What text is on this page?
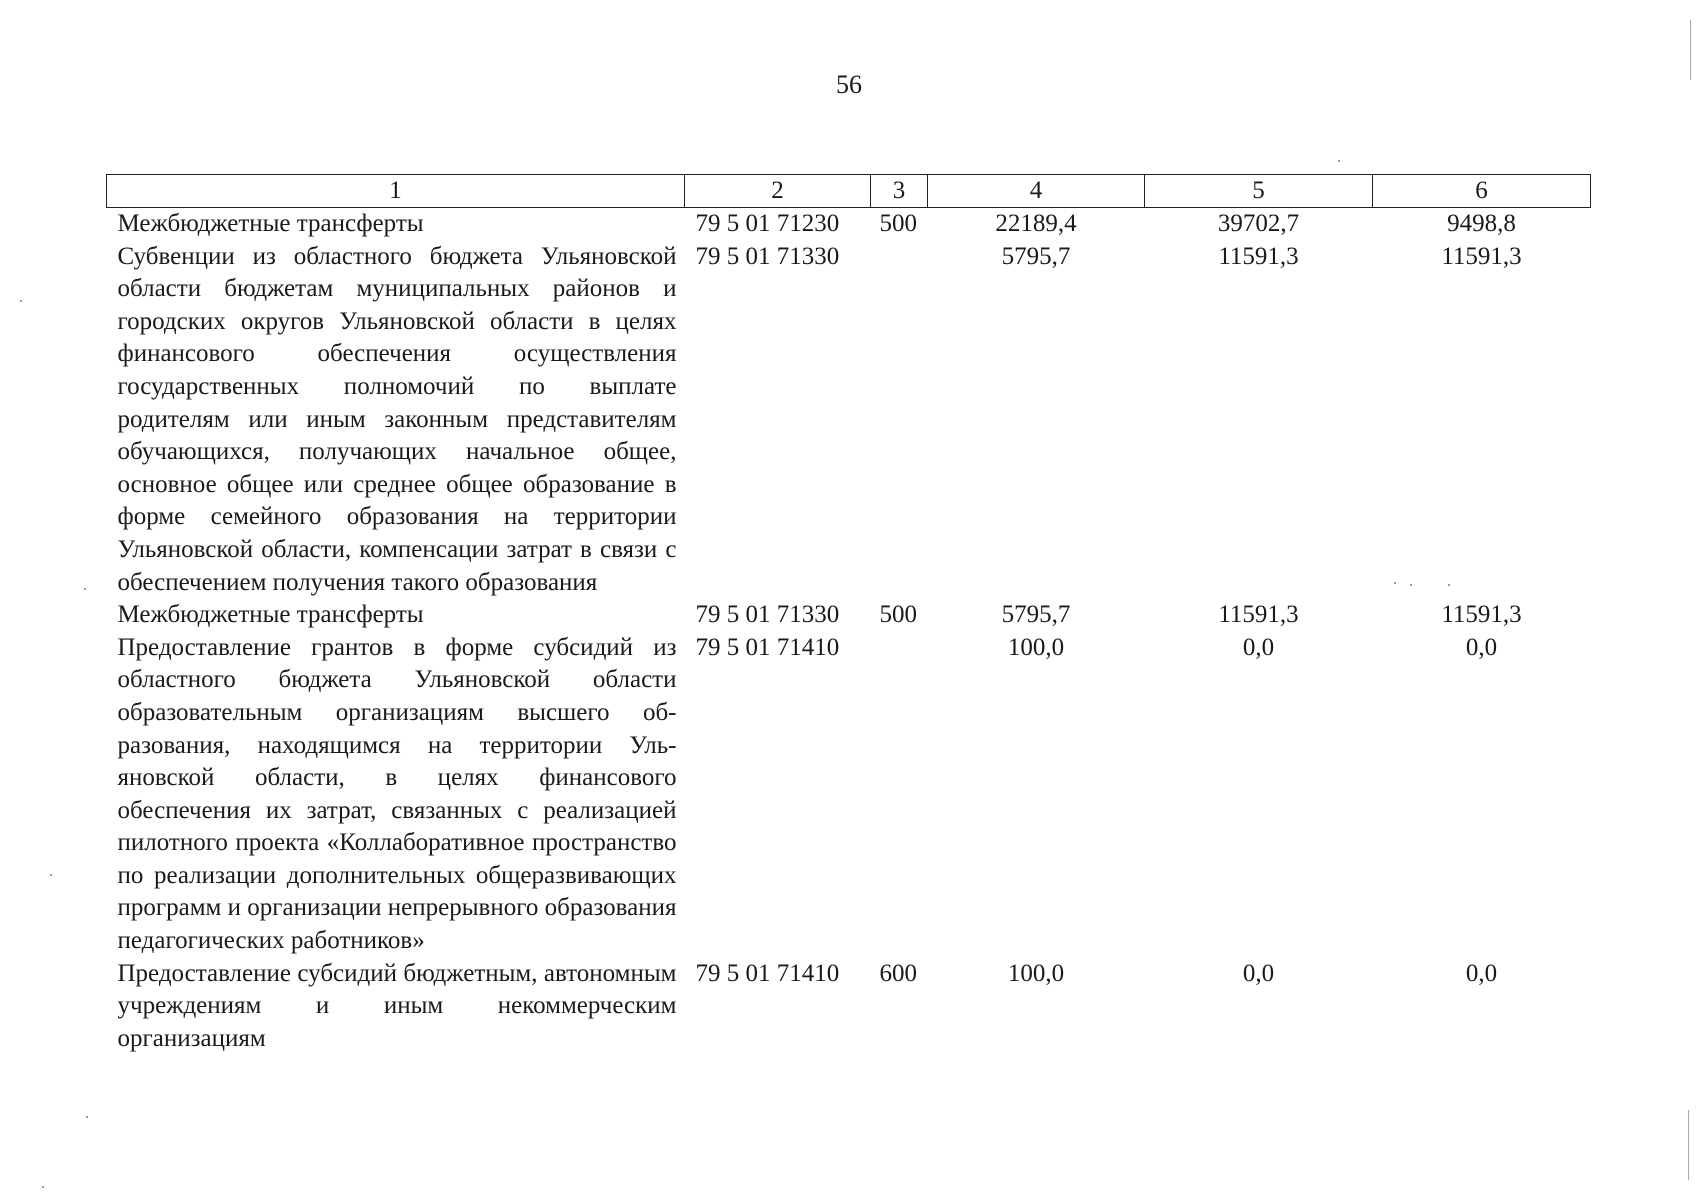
56
1	2	3	4	5	6
Межбюджетные трансферты	79 5 01 71230	500	22189,4	39702,7	9498,8
Субвенции из областного бюджета Ульяновской области бюджетам муниципальных районов и городских округов Ульяновской области в целях финансового обеспечения осуществления государственных полномочий по выплате родителям или иным законным представителям обучающихся, получающих начальное общее, основное общее или среднее общее образование в форме семейного образования на территории Ульяновской области, компенсации затрат в связи с обеспечением получения такого образования	79 5 01 71330		5795,7	11591,3	11591,3
Межбюджетные трансферты	79 5 01 71330	500	5795,7	11591,3	11591,3
Предоставление грантов в форме субсидий из областного бюджета Ульяновской области образовательным организациям высшего образования, находящимся на территории Ульяновской области, в целях финансового обеспечения их затрат, связанных с реализацией пилотного проекта «Коллаборативное пространство по реализации дополнительных общеразвивающих программ и организации непрерывного образования педагогических работников»	79 5 01 71410		100,0	0,0	0,0
Предоставление субсидий бюджетным, автономным учреждениям и иным некоммерческим организациям	79 5 01 71410	600	100,0	0,0	0,0
